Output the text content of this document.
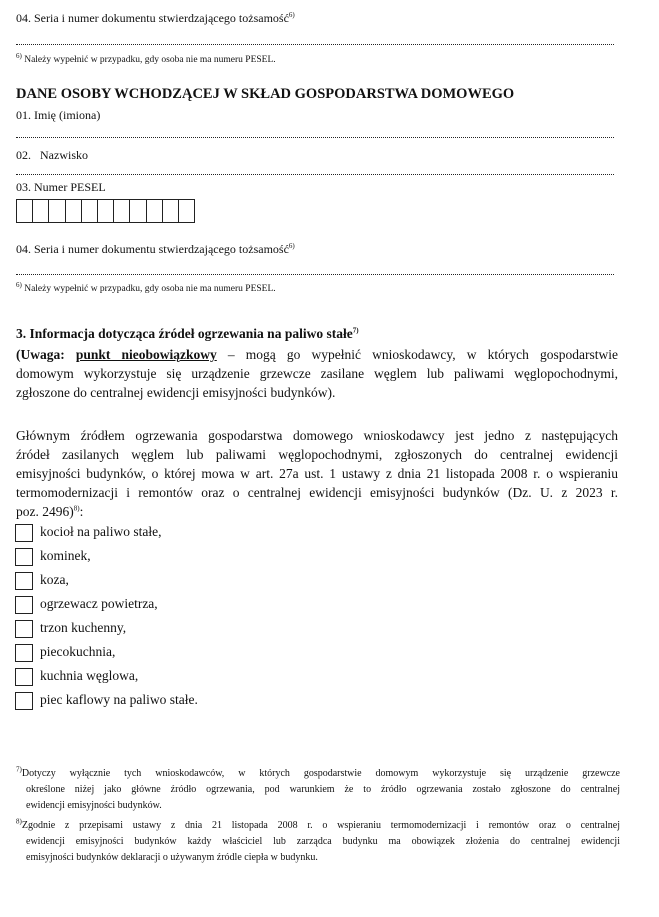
04. Seria i numer dokumentu stwierdzającego tożsamość$^{6)}$
$^{6)}$ Należy wypełnić w przypadku, gdy osoba nie ma numeru PESEL.
DANE OSOBY WCHODZĄCEJ W SKŁAD GOSPODARSTWA DOMOWEGO
01. Imię (imiona)
02.   Nazwisko
03. Numer PESEL
04. Seria i numer dokumentu stwierdzającego tożsamość$^{6)}$
$^{6)}$ Należy wypełnić w przypadku, gdy osoba nie ma numeru PESEL.
3. Informacja dotycząca źródeł ogrzewania na paliwo stałe$^{7)}$
(Uwaga: punkt nieobowiązkowy – mogą go wypełnić wnioskodawcy, w których gospodarstwie
domowym wykorzystuje się urządzenie grzewcze zasilane węglem lub paliwami węglopochodnymi,
zgłoszone do centralnej ewidencji emisyjności budynków).
Głównym źródłem ogrzewania gospodarstwa domowego wnioskodawcy jest jedno z następujących
źródeł zasilanych węglem lub paliwami węglopochodnymi, zgłoszonych do centralnej ewidencji
emisyjności budynków, o której mowa w art. 27a ust. 1 ustawy z dnia 21 listopada 2008 r. o wspieraniu
termomodernizacji i remontów oraz o centralnej ewidencji emisyjności budynków (Dz. U. z 2023 r.
poz. 2496)$^{8)}$:
kocioł na paliwo stałe,
kominek,
koza,
ogrzewacz powietrza,
trzon kuchenny,
piecokuchnia,
kuchnia węglowa,
piec kaflowy na paliwo stałe.
$^{7)}$Dotyczy wyłącznie tych wnioskodawców, w których gospodarstwie domowym wykorzystuje się urządzenie grzewcze
określone niżej jako główne źródło ogrzewania, pod warunkiem że to źródło ogrzewania zostało zgłoszone do centralnej
ewidencji emisyjności budynków.
$^{8)}$Zgodnie z przepisami ustawy z dnia 21 listopada 2008 r. o wspieraniu termomodernizacji i remontów oraz o centralnej
ewidencji emisyjności budynków każdy właściciel lub zarządca budynku ma obowiązek złożenia do centralnej ewidencji
emisyjności budynków deklaracji o używanym źródle ciepła w budynku.
